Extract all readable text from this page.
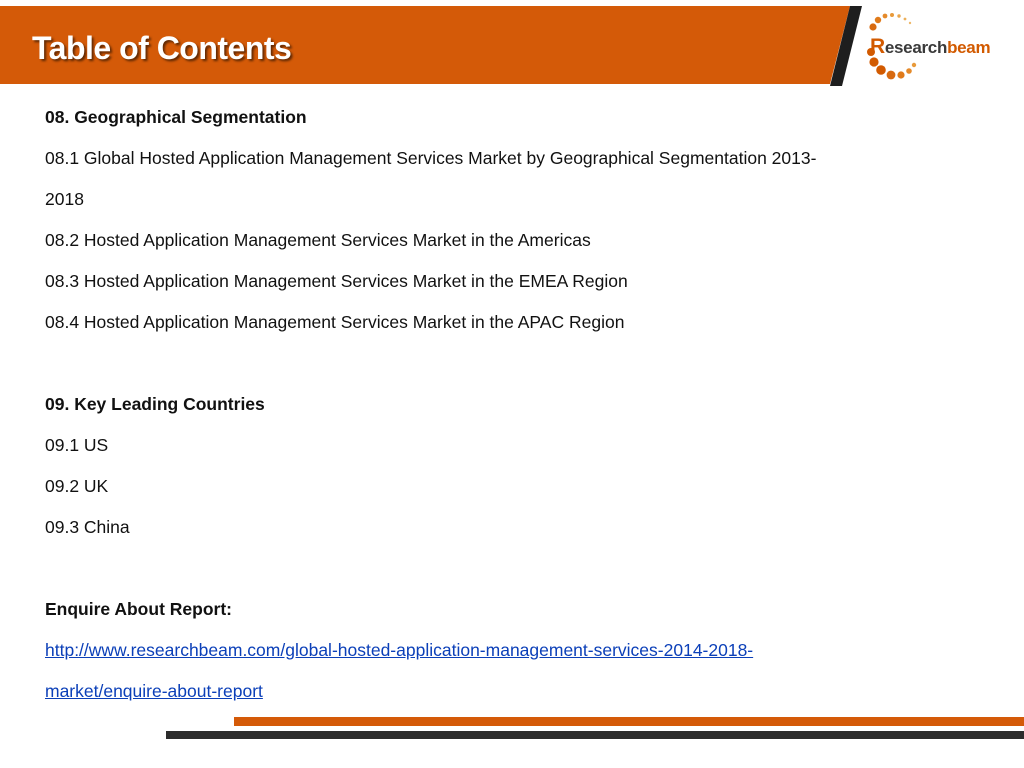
Table of Contents	Researchbeam
08. Geographical Segmentation
08.1 Global Hosted Application Management Services Market by Geographical Segmentation 2013-
2018
08.2 Hosted Application Management Services Market in the Americas
08.3 Hosted Application Management Services Market in the EMEA Region
08.4 Hosted Application Management Services Market in the APAC Region
09. Key Leading Countries
09.1 US
09.2 UK
09.3 China
Enquire About Report:
http://www.researchbeam.com/global-hosted-application-management-services-2014-2018-
market/enquire-about-report
